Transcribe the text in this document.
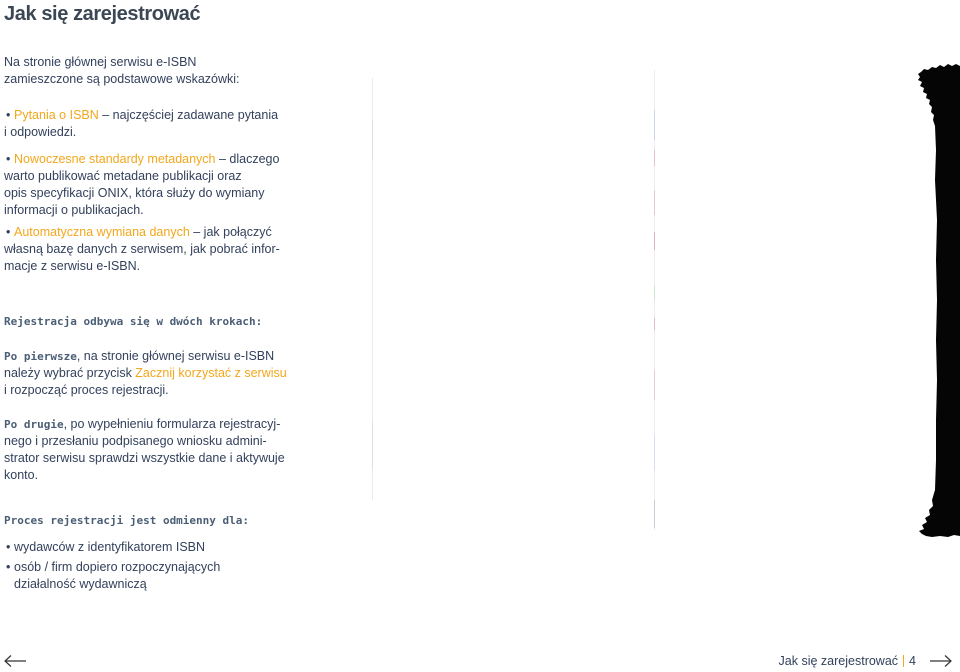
Jak się zarejestrować
Na stronie głównej serwisu e-ISBN
zamieszczone są podstawowe wskazówki:
• Pytania o ISBN – najczęściej zadawane pytania
i odpowiedzi.
• Nowoczesne standardy metadanych – dlaczego
warto publikować metadane publikacji oraz
opis specyfikacji ONIX, która służy do wymiany
informacji o publikacjach.
• Automatyczna wymiana danych – jak połączyć
własną bazę danych z serwisem, jak pobrać infor-
macje z serwisu e-ISBN.
Rejestracja odbywa się w dwóch krokach:
Po pierwsze, na stronie głównej serwisu e-ISBN
należy wybrać przycisk Zacznij korzystać z serwisu
i rozpocząć proces rejestracji.
Po drugie, po wypełnieniu formularza rejestracyj-
nego i przesłaniu podpisanego wniosku admini-
strator serwisu sprawdzi wszystkie dane i aktywuje
konto.
Proces rejestracji jest odmienny dla:
• wydawców z identyfikatorem ISBN
• osób / firm dopiero rozpoczynających
działalność wydawniczą
Jak się zarejestrować 4
